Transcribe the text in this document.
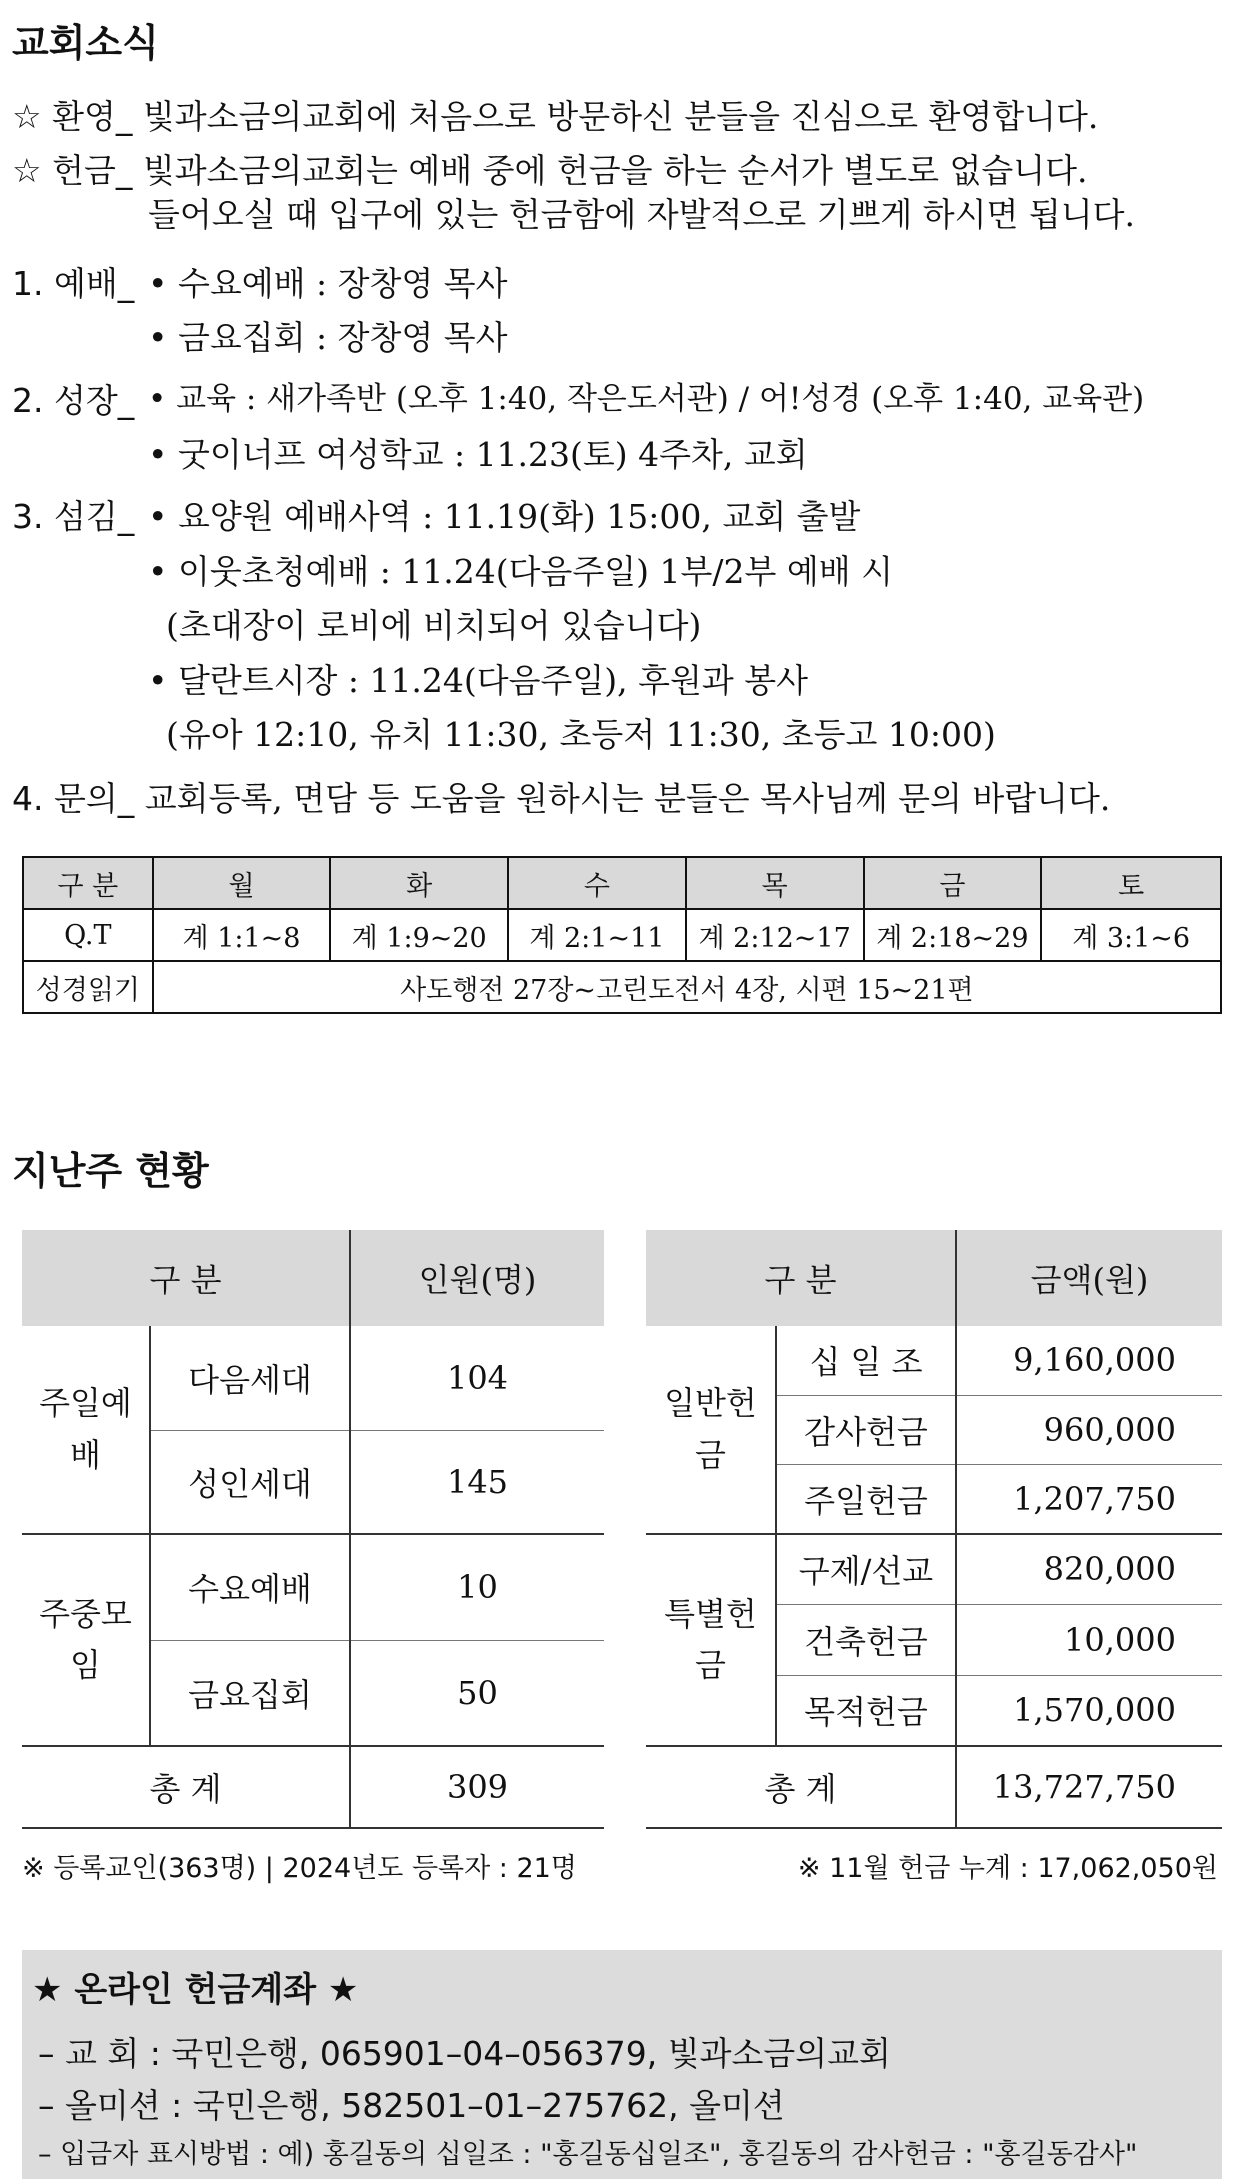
교회소식
☆ 환영_ 빛과소금의교회에 처음으로 방문하신 분들을 진심으로 환영합니다.
☆ 헌금_ 빛과소금의교회는 예배 중에 헌금을 하는 순서가 별도로 없습니다.
들어오실 때 입구에 있는 헌금함에 자발적으로 기쁘게 하시면 됩니다.
1. 예배_ • 수요예배 : 장창영 목사
• 금요집회 : 장창영 목사
2. 성장_ • 교육 : 새가족반 (오후 1:40, 작은도서관) / 어!성경 (오후 1:40, 교육관)
• 굿이너프 여성학교 : 11.23(토) 4주차, 교회
3. 섬김_ • 요양원 예배사역 : 11.19(화) 15:00, 교회 출발
• 이웃초청예배 : 11.24(다음주일) 1부/2부 예배 시
(초대장이 로비에 비치되어 있습니다)
• 달란트시장 : 11.24(다음주일), 후원과 봉사
(유아 12:10, 유치 11:30, 초등저 11:30, 초등고 10:00)
4. 문의_ 교회등록, 면담 등 도움을 원하시는 분들은 목사님께 문의 바랍니다.
구 분	월	화	수	목	금	토
Q.T	계 1:1~8	계 1:9~20	계 2:1~11	계 2:12~17	계 2:18~29	계 3:1~6
성경읽기	사도행전 27장~고린도전서 4장, 시편 15~21편					
지난주 현황
구 분		인원(명)
주일예배	다음세대	104
	성인세대	145
주중모임	수요예배	10
	금요집회	50
총 계		309
구 분		금액(원)
일반헌금	십 일 조	9,160,000
	감사헌금	960,000
	주일헌금	1,207,750
특별헌금	구제/선교	820,000
	건축헌금	10,000
	목적헌금	1,570,000
총 계		13,727,750
※ 등록교인(363명) | 2024년도 등록자 : 21명	※ 11월 헌금 누계 : 17,062,050원
★ 온라인 헌금계좌 ★
– 교 회 : 국민은행, 065901–04–056379, 빛과소금의교회
– 올미션 : 국민은행, 582501–01–275762, 올미션
– 입금자 표시방법 : 예) 홍길동의 십일조 : "홍길동십일조", 홍길동의 감사헌금 : "홍길동감사"
